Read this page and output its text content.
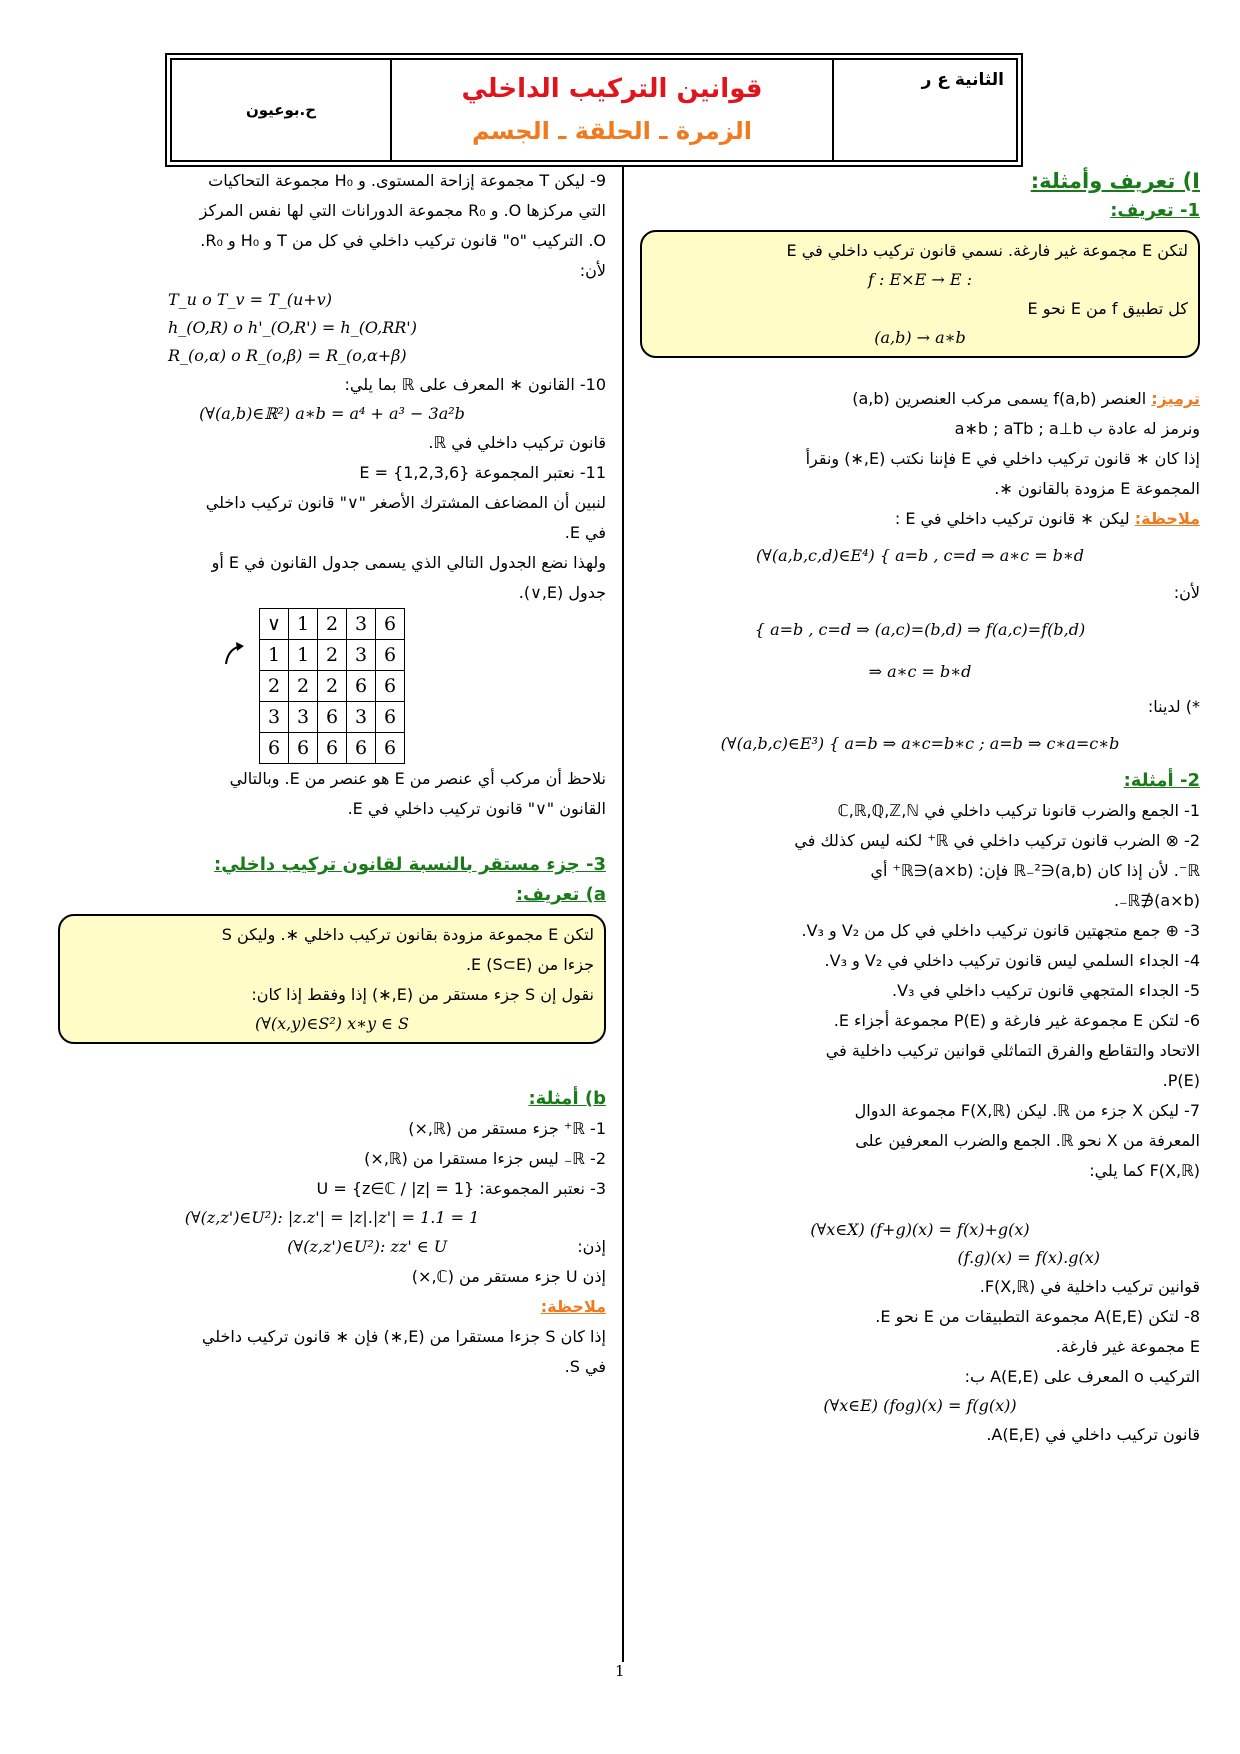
ح.بوعيون
قوانين التركيب الداخلي
الزمرة ـ الحلقة ـ الجسم
الثانية ع ر
I) تعريف وأمثلة:
1- تعريف:
لتكن E مجموعة غير فارغة. نسمي قانون تركيب داخلي في E
f : E×E → E :
كل تطبيق f من E نحو E
(a,b) → a∗b
ترميز: العنصر f(a,b) يسمى مركب العنصرين (a,b)
ونرمز له عادة ب a∗b ; aTb ; a⊥b
إذا كان ∗ قانون تركيب داخلي في E فإننا نكتب (E,∗) ونقرأ
المجموعة E مزودة بالقانون ∗.
ملاحظة: ليكن ∗ قانون تركيب داخلي في E :
(∀(a,b,c,d)∈E⁴) { a=b , c=d ⇒ a∗c = b∗d
لأن:
{ a=b , c=d ⇒ (a,c)=(b,d) ⇒ f(a,c)=f(b,d)
⇒ a∗c = b∗d
*) لدينا:
(∀(a,b,c)∈E³) { a=b ⇒ a∗c=b∗c ; a=b ⇒ c∗a=c∗b
2- أمثلة:
1- الجمع والضرب قانونا تركيب داخلي في ℂ,ℝ,ℚ,ℤ,ℕ
2- ⊗ الضرب قانون تركيب داخلي في ℝ⁺ لكنه ليس كذلك في
ℝ⁻. لأن إذا كان (a,b)∈ℝ₋² فإن: (a×b)∈ℝ⁺ أي
(a×b)∉ℝ₋.
3- ⊕ جمع متجهتين قانون تركيب داخلي في كل من V₂ و V₃.
4- الجداء السلمي ليس قانون تركيب داخلي في V₂ و V₃.
5- الجداء المتجهي قانون تركيب داخلي في V₃.
6- لتكن E مجموعة غير فارغة و P(E) مجموعة أجزاء E.
الاتحاد والتقاطع والفرق التماثلي قوانين تركيب داخلية في
P(E).
7- ليكن X جزء من ℝ. ليكن F(X,ℝ) مجموعة الدوال
المعرفة من X نحو ℝ. الجمع والضرب المعرفين على
F(X,ℝ) كما يلي:
(∀x∈X) (f+g)(x) = f(x)+g(x)
(f.g)(x) = f(x).g(x)
قوانين تركيب داخلية في F(X,ℝ).
8- لتكن A(E,E) مجموعة التطبيقات من E نحو E.
E مجموعة غير فارغة.
التركيب o المعرف على A(E,E) ب:
(∀x∈E) (fog)(x) = f(g(x))
قانون تركيب داخلي في A(E,E).
9- ليكن T مجموعة إزاحة المستوى. و H₀ مجموعة التحاكيات
التي مركزها O. و R₀ مجموعة الدورانات التي لها نفس المركز
O. التركيب "o" قانون تركيب داخلي في كل من T و H₀ و R₀.
لأن:
T_u o T_v = T_(u+v)
h_(O,R) o h'_(O,R') = h_(O,RR')
R_(o,α) o R_(o,β) = R_(o,α+β)
10- القانون ∗ المعرف على ℝ بما يلي:
(∀(a,b)∈ℝ²) a∗b = a⁴ + a³ − 3a²b
قانون تركيب داخلي في ℝ.
11- نعتبر المجموعة E = {1,2,3,6}
لنبين أن المضاعف المشترك الأصغر "∨" قانون تركيب داخلي
في E.
ولهذا نضع الجدول التالي الذي يسمى جدول القانون في E أو
جدول (E,∨).
∨	1	2	3	6
1	1	2	3	6
2	2	2	6	6
3	3	6	3	6
6	6	6	6	6
نلاحظ أن مركب أي عنصر من E هو عنصر من E. وبالتالي
القانون "∨" قانون تركيب داخلي في E.
3- جزء مستقر بالنسبة لقانون تركيب داخلي:
a) تعريف:
لتكن E مجموعة مزودة بقانون تركيب داخلي ∗. وليكن S
جزءا من E (S⊂E).
نقول إن S جزء مستقر من (E,∗) إذا وفقط إذا كان:
(∀(x,y)∈S²) x∗y ∈ S
b) أمثلة:
1- ℝ⁺ جزء مستقر من (ℝ,×)
2- ℝ₋ ليس جزءا مستقرا من (ℝ,×)
3- نعتبر المجموعة: U = {z∈ℂ / |z| = 1}
(∀(z,z')∈U²): |z.z'| = |z|.|z'| = 1.1 = 1
إذن:(∀(z,z')∈U²): zz' ∈ U
إذن U جزء مستقر من (ℂ,×)
ملاحظة:
إذا كان S جزءا مستقرا من (E,∗) فإن ∗ قانون تركيب داخلي
في S.
1
